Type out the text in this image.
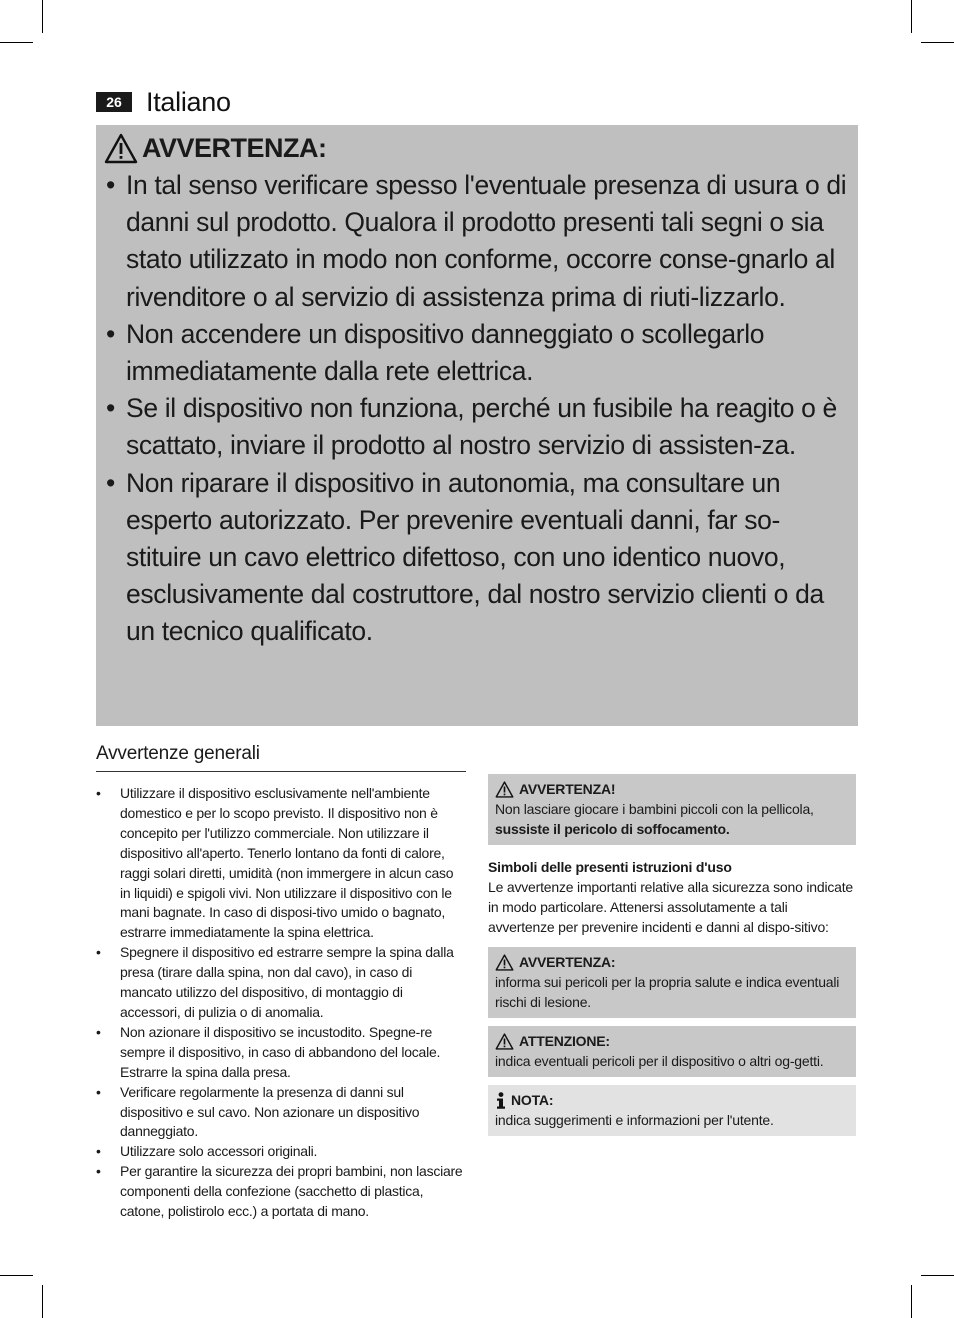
26 Italiano
AVVERTENZA:
• In tal senso verificare spesso l'eventuale presenza di usura o di danni sul prodotto. Qualora il prodotto presenti tali segni o sia stato utilizzato in modo non conforme, occorre conse-gnarlo al rivenditore o al servizio di assistenza prima di riuti-lizzarlo.
• Non accendere un dispositivo danneggiato o scollegarlo immediatamente dalla rete elettrica.
• Se il dispositivo non funziona, perché un fusibile ha reagito o è scattato, inviare il prodotto al nostro servizio di assisten-za.
• Non riparare il dispositivo in autonomia, ma consultare un esperto autorizzato. Per prevenire eventuali danni, far so-stituire un cavo elettrico difettoso, con uno identico nuovo, esclusivamente dal costruttore, dal nostro servizio clienti o da un tecnico qualificato.
Avvertenze generali
• Utilizzare il dispositivo esclusivamente nell'ambiente domestico e per lo scopo previsto. Il dispositivo non è concepito per l'utilizzo commerciale. Non utilizzare il dispositivo all'aperto. Tenerlo lontano da fonti di calore, raggi solari diretti, umidità (non immergere in alcun caso in liquidi) e spigoli vivi. Non utilizzare il dispositivo con le mani bagnate. In caso di disposi-tivo umido o bagnato, estrarre immediatamente la spina elettrica.
• Spegnere il dispositivo ed estrarre sempre la spina dalla presa (tirare dalla spina, non dal cavo), in caso di mancato utilizzo del dispositivo, di montaggio di accessori, di pulizia o di anomalia.
• Non azionare il dispositivo se incustodito. Spegne-re sempre il dispositivo, in caso di abbandono del locale. Estrarre la spina dalla presa.
• Verificare regolarmente la presenza di danni sul dispositivo e sul cavo. Non azionare un dispositivo danneggiato.
• Utilizzare solo accessori originali.
• Per garantire la sicurezza dei propri bambini, non lasciare componenti della confezione (sacchetto di plastica, catone, polistirolo ecc.) a portata di mano.
AVVERTENZA!
Non lasciare giocare i bambini piccoli con la pellicola, sussiste il pericolo di soffocamento.
Simboli delle presenti istruzioni d'uso
Le avvertenze importanti relative alla sicurezza sono indicate in modo particolare. Attenersi assolutamente a tali avvertenze per prevenire incidenti e danni al dispo-sitivo:
AVVERTENZA:
informa sui pericoli per la propria salute e indica eventuali rischi di lesione.
ATTENZIONE:
indica eventuali pericoli per il dispositivo o altri og-getti.
NOTA:
indica suggerimenti e informazioni per l'utente.
